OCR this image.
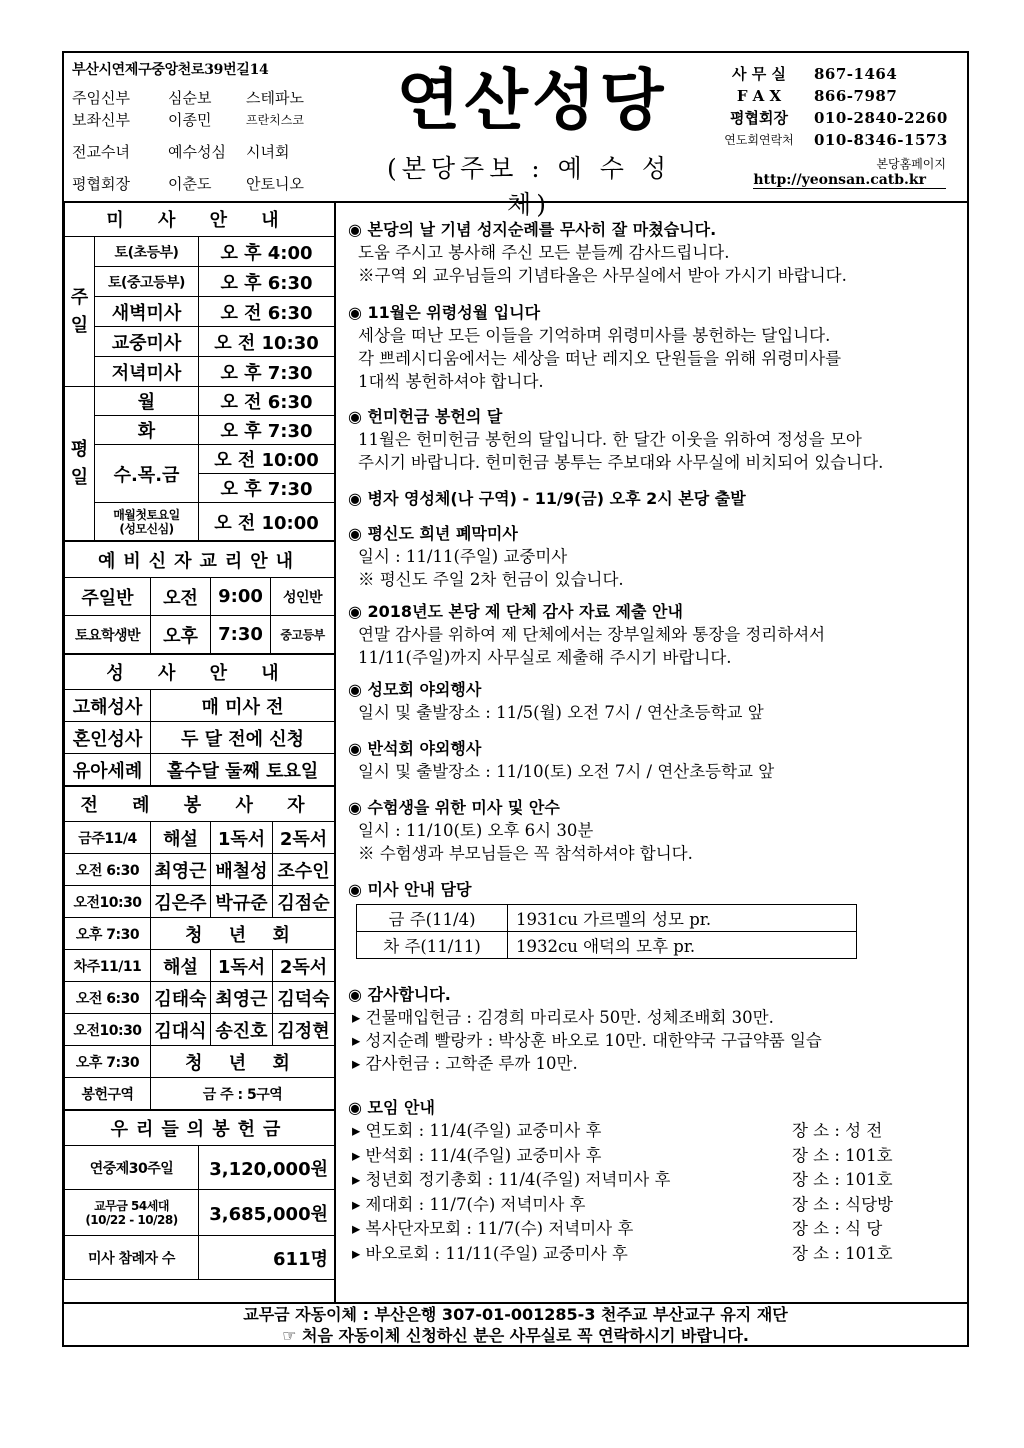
부산시연제구중앙천로39번길14
주임신부	심순보	스테파노
보좌신부	이종민	프란치스코
전교수녀	예수성심	시녀회
평협회장	이춘도	안토니오
연산성당
(본당주보 : 예 수 성 체)
사 무 실	867-1464
F A X	866-7987
평협회장	010-2840-2260
연도회연락처	010-8346-1573
본당홈페이지
http://yeonsan.catb.kr
미 사 안 내		
주일	토(초등부)	오 후 4:00
	토(중고등부)	오 후 6:30
	새벽미사	오 전 6:30
	교중미사	오 전 10:30
	저녁미사	오 후 7:30
평일	월	오 전 6:30
	화	오 후 7:30
	수.목.금	오 전 10:00
		오 후 7:30
	매월첫토요일
(성모신심)	오 전 10:00
예비신자교리안내			
주일반	오전	9:00	성인반
토요학생반	오후	7:30	중고등부
성 사 안 내	
고해성사	매 미사 전
혼인성사	두 달 전에 신청
유아세례	홀수달 둘째 토요일
전 례 봉 사 자			
금주11/4	해설	1독서	2독서
오전 6:30	최영근	배철성	조수인
오전10:30	김은주	박규준	김점순
오후 7:30	청 년 회		
차주11/11	해설	1독서	2독서
오전 6:30	김태숙	최영근	김덕숙
오전10:30	김대식	송진호	김정현
오후 7:30	청 년 회		
봉헌구역	금 주 : 5구역		
우리들의봉헌금	
연중제30주일	3,120,000원
교무금 54세대
(10/22 - 10/28)	3,685,000원
미사 참례자 수	611명
◉ 본당의 날 기념 성지순례를 무사히 잘 마쳤습니다.
도움 주시고 봉사해 주신 모든 분들께 감사드립니다.
※구역 외 교우님들의 기념타올은 사무실에서 받아 가시기 바랍니다.
◉ 11월은 위령성월 입니다
세상을 떠난 모든 이들을 기억하며 위령미사를 봉헌하는 달입니다.
각 쁘레시디움에서는 세상을 떠난 레지오 단원들을 위해 위령미사를
1대씩 봉헌하셔야 합니다.
◉ 헌미헌금 봉헌의 달
11월은 헌미헌금 봉헌의 달입니다. 한 달간 이웃을 위하여 정성을 모아
주시기 바랍니다. 헌미헌금 봉투는 주보대와 사무실에 비치되어 있습니다.
◉ 병자 영성체(나 구역) - 11/9(금) 오후 2시 본당 출발
◉ 평신도 희년 폐막미사
일시 : 11/11(주일) 교중미사
※ 평신도 주일 2차 헌금이 있습니다.
◉ 2018년도 본당 제 단체 감사 자료 제출 안내
연말 감사를 위하여 제 단체에서는 장부일체와 통장을 정리하셔서
11/11(주일)까지 사무실로 제출해 주시기 바랍니다.
◉ 성모회 야외행사
일시 및 출발장소 : 11/5(월) 오전 7시 / 연산초등학교 앞
◉ 반석회 야외행사
일시 및 출발장소 : 11/10(토) 오전 7시 / 연산초등학교 앞
◉ 수험생을 위한 미사 및 안수
일시 : 11/10(토) 오후 6시 30분
※ 수험생과 부모님들은 꼭 참석하셔야 합니다.
◉ 미사 안내 담당
금 주(11/4)	1931cu 가르멜의 성모 pr.
차 주(11/11)	1932cu 애덕의 모후 pr.
◉ 감사합니다.
▸ 건물매입헌금 : 김경희 마리로사 50만. 성체조배회 30만.
▸ 성지순례 빨랑카 : 박상훈 바오로 10만. 대한약국 구급약품 일습
▸ 감사헌금 : 고학준 루까 10만.
◉ 모임 안내
▸ 연도회 : 11/4(주일) 교중미사 후	장 소 : 성 전
▸ 반석회 : 11/4(주일) 교중미사 후	장 소 : 101호
▸ 청년회 정기총회 : 11/4(주일) 저녁미사 후	장 소 : 101호
▸ 제대회 : 11/7(수) 저녁미사 후	장 소 : 식당방
▸ 복사단자모회 : 11/7(수) 저녁미사 후	장 소 : 식 당
▸ 바오로회 : 11/11(주일) 교중미사 후	장 소 : 101호
교무금 자동이체 : 부산은행 307-01-001285-3 천주교 부산교구 유지 재단
☞ 처음 자동이체 신청하신 분은 사무실로 꼭 연락하시기 바랍니다.
